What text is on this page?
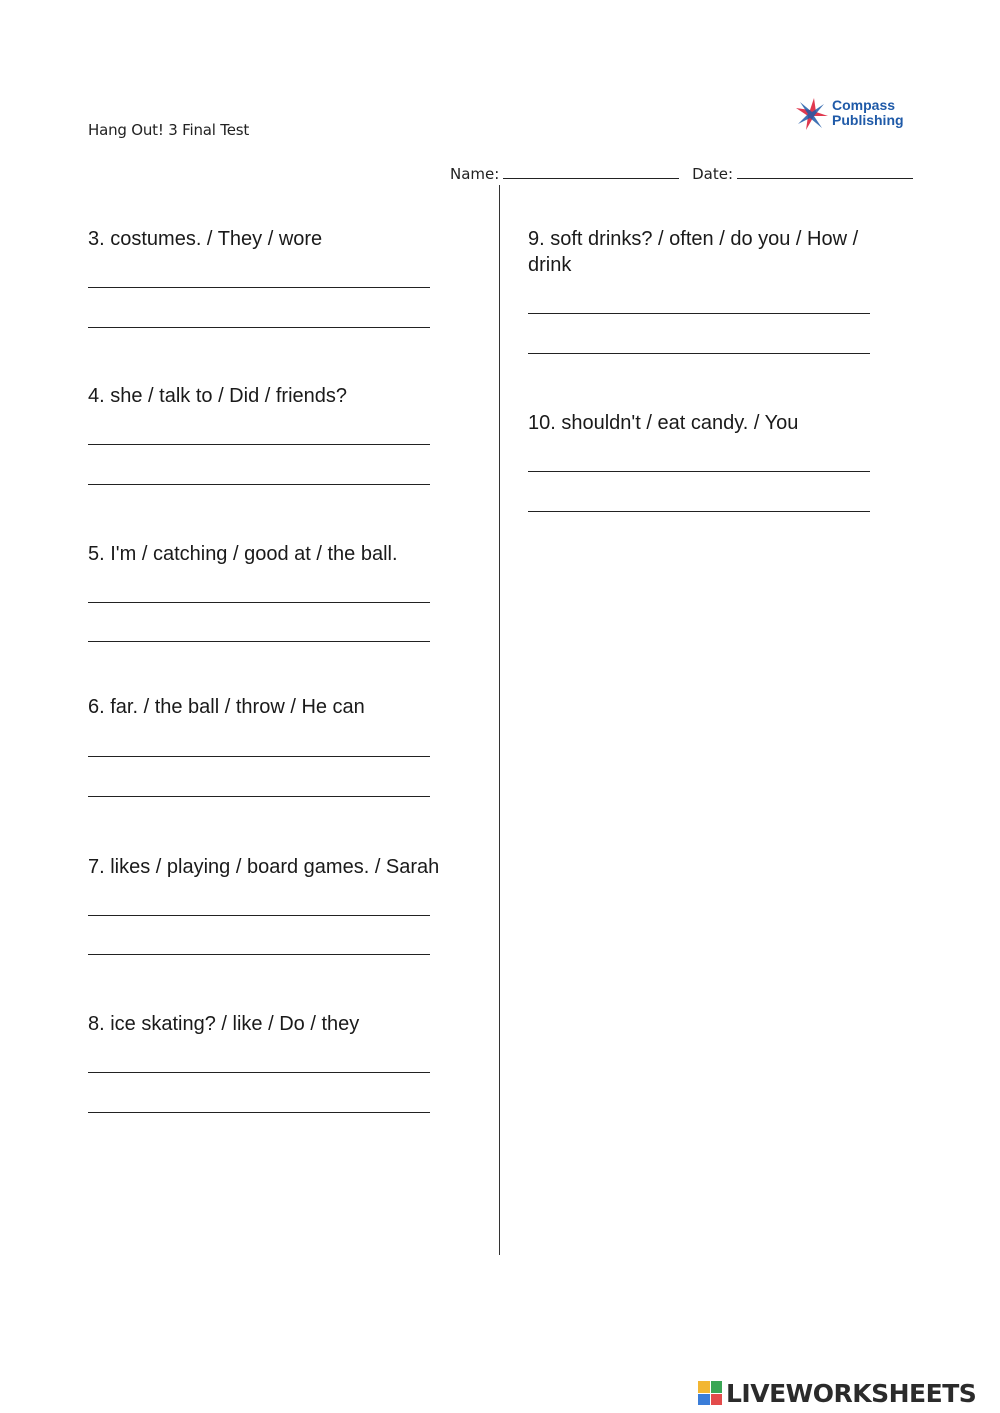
Hang Out! 3 Final Test
Compass
Publishing
Name:	Date:
3. costumes. / They / wore
4. she / talk to / Did / friends?
5. I'm / catching / good at / the ball.
6. far. / the ball / throw / He can
7. likes / playing / board games. / Sarah
8. ice skating? / like / Do / they
9. soft drinks? / often / do you / How / drink
10. shouldn't / eat candy. / You
LIVEWORKSHEETS
